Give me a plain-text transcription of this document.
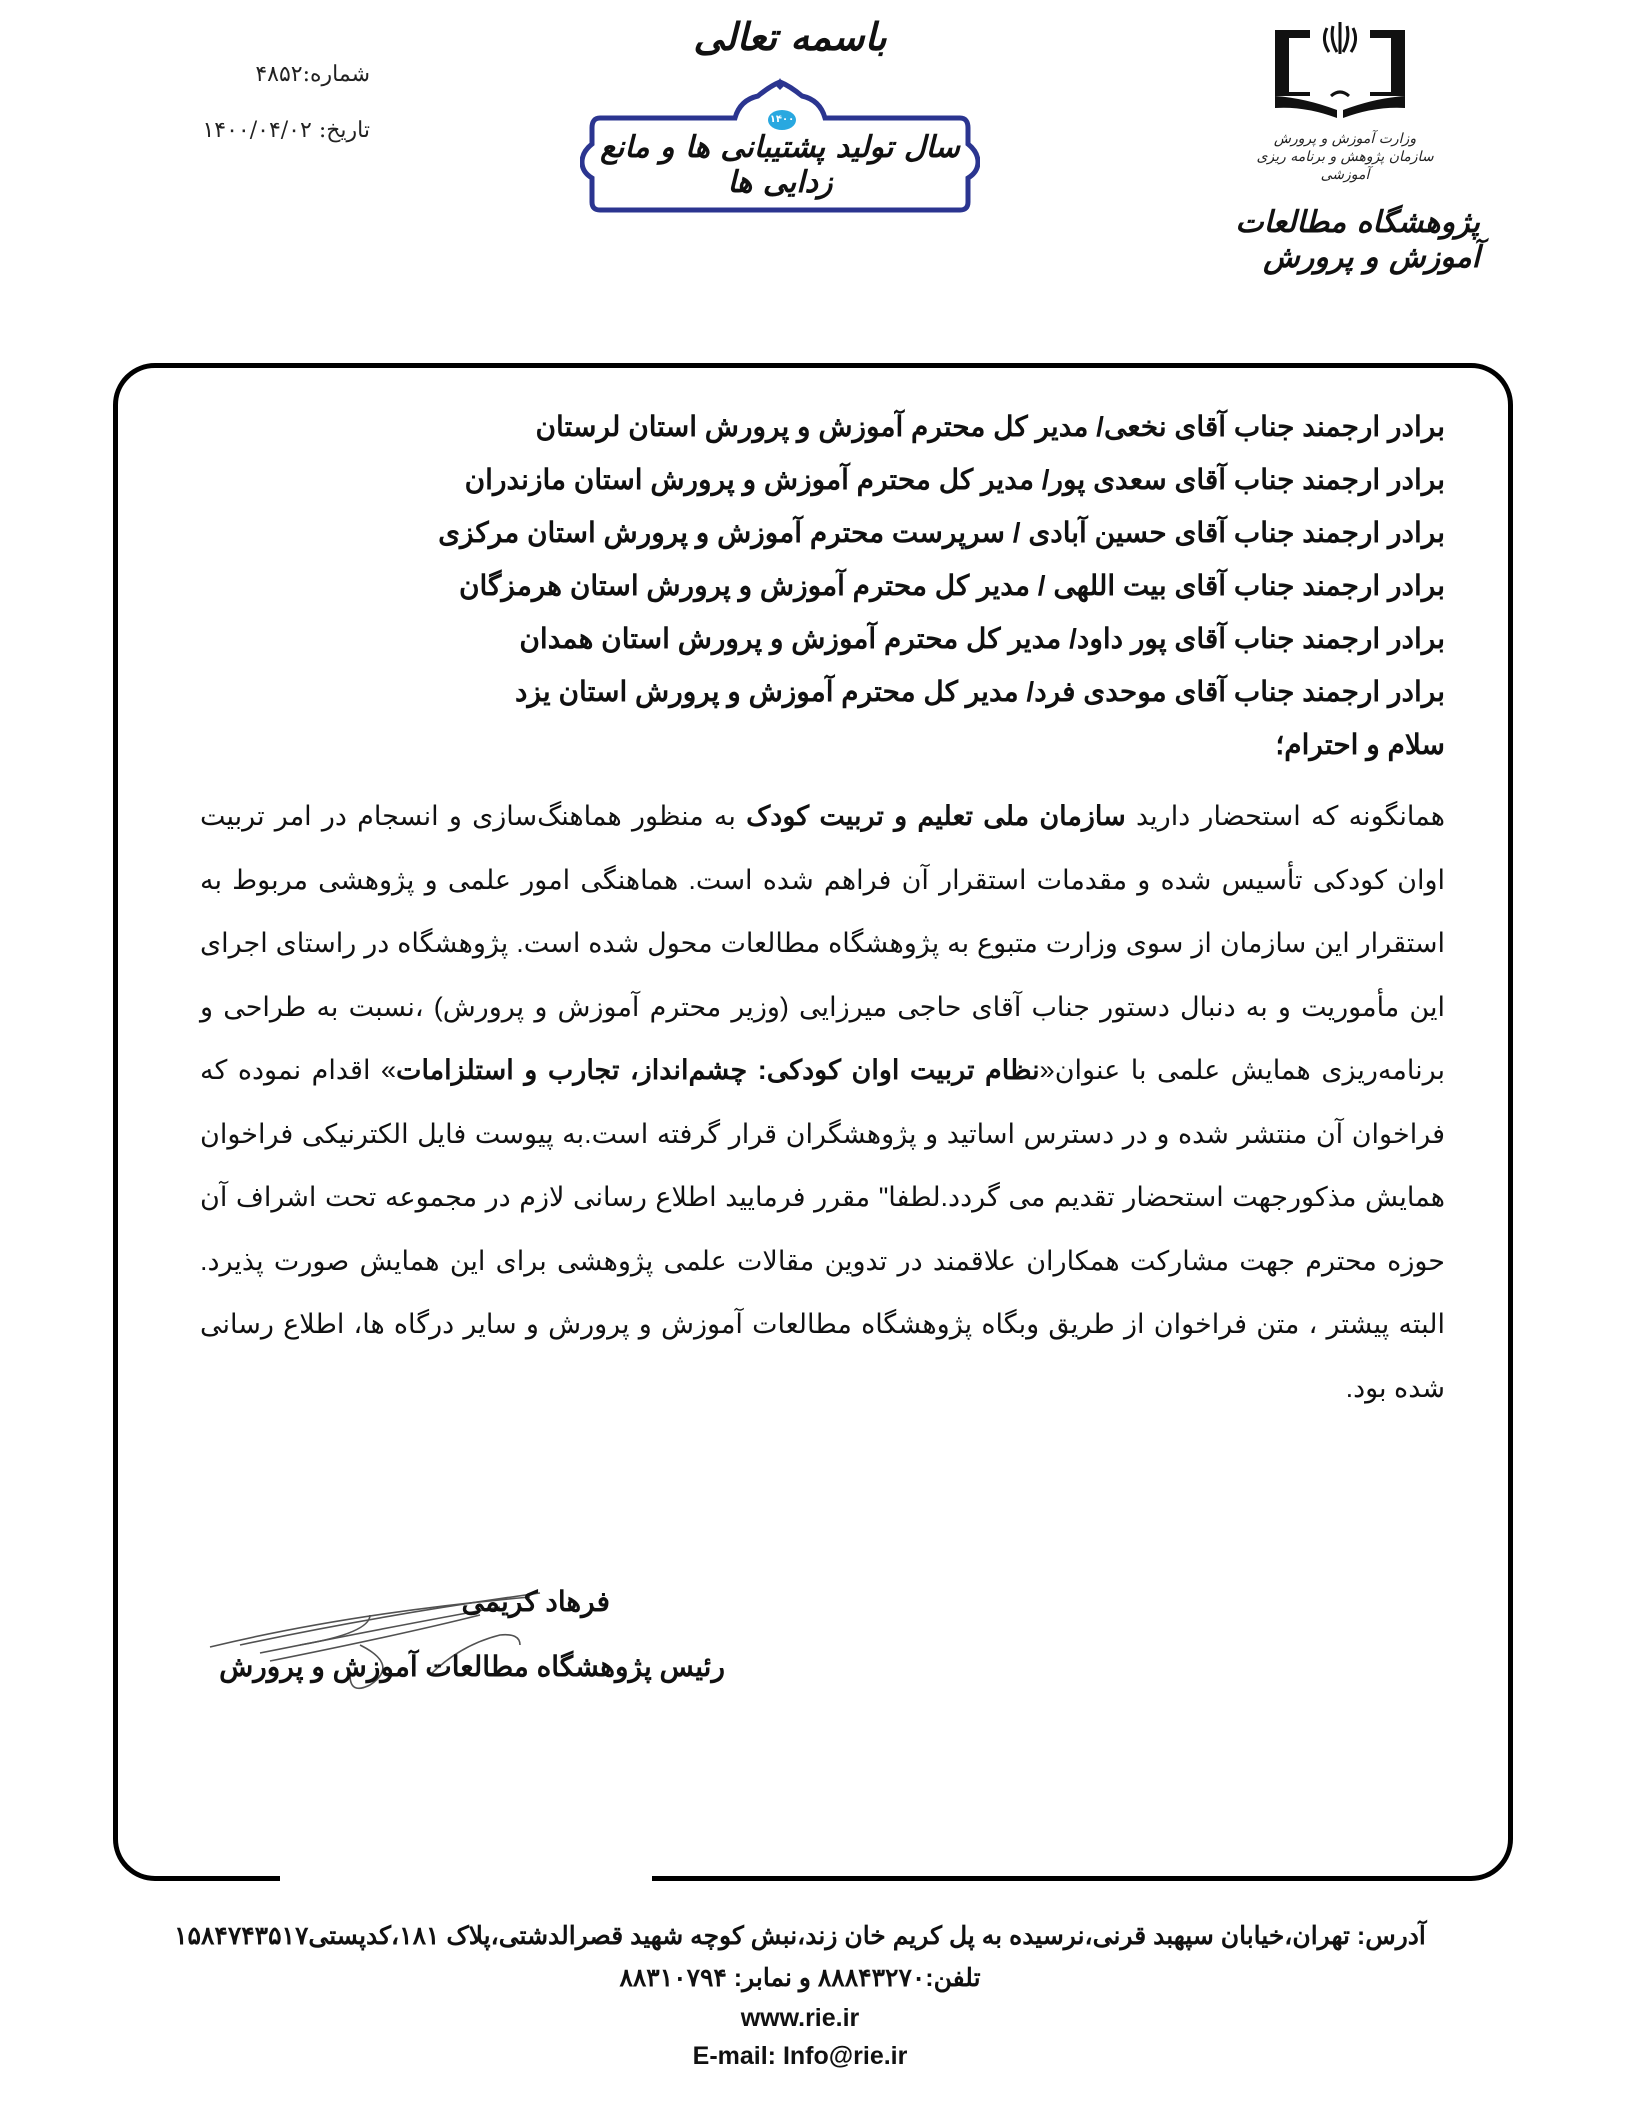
شماره:۴۸۵۲
تاریخ: ۱۴۰۰/۰۴/۰۲
باسمه تعالی
۱۴۰۰
سال تولید پشتیبانی ها و مانع زدایی ها
وزارت آموزش و پرورش
سازمان پژوهش و برنامه ریزی آموزشی
پژوهشگاه مطالعات آموزش و پرورش
برادر ارجمند جناب آقای نخعی/ مدیر کل محترم آموزش و پرورش استان لرستان
برادر ارجمند جناب آقای سعدی پور/ مدیر کل محترم آموزش و پرورش استان مازندران
برادر ارجمند جناب آقای حسین آبادی / سرپرست محترم آموزش و پرورش استان مرکزی
برادر ارجمند جناب آقای بیت اللهی / مدیر کل محترم آموزش و پرورش استان هرمزگان
برادر ارجمند جناب آقای پور داود/ مدیر کل محترم آموزش و پرورش استان همدان
برادر ارجمند جناب آقای موحدی فرد/ مدیر کل محترم آموزش و پرورش استان یزد
سلام و احترام؛
همانگونه که استحضار دارید سازمان ملی تعلیم و تربیت کودک به منظور هماهنگ‌سازی و انسجام در امر تربیت اوان کودکی تأسیس شده و مقدمات استقرار آن فراهم شده است. هماهنگی امور علمی و پژوهشی مربوط به استقرار این سازمان از سوی وزارت متبوع به پژوهشگاه مطالعات محول شده است. پژوهشگاه در راستای اجرای این مأموریت و به دنبال دستور جناب آقای حاجی میرزایی (وزیر محترم آموزش و پرورش) ،نسبت به طراحی و برنامه‌ریزی همایش علمی با عنوان«نظام تربیت اوان کودکی: چشم‌انداز، تجارب و استلزامات» اقدام نموده که فراخوان آن منتشر شده و در دسترس اساتید و پژوهشگران قرار گرفته است.به پیوست فایل الکترنیکی فراخوان همایش مذکورجهت استحضار تقدیم می گردد.لطفا" مقرر فرمایید اطلاع رسانی لازم در مجموعه تحت اشراف آن حوزه محترم جهت مشارکت همکاران علاقمند در تدوین مقالات علمی پژوهشی برای این همایش صورت پذیرد. البته پیشتر ، متن فراخوان از طریق وبگاه پژوهشگاه مطالعات آموزش و پرورش و سایر درگاه ها، اطلاع رسانی شده بود.
فرهاد کریمی
رئیس پژوهشگاه مطالعات آموزش و پرورش
آدرس: تهران،خیابان سپهبد قرنی،نرسیده به پل کریم خان زند،نبش کوچه شهید قصرالدشتی،پلاک ۱۸۱،کدپستی۱۵۸۴۷۴۳۵۱۷
تلفن:۸۸۸۴۳۲۷۰ و نمابر: ۸۸۳۱۰۷۹۴
www.rie.ir
E-mail: Info@rie.ir
